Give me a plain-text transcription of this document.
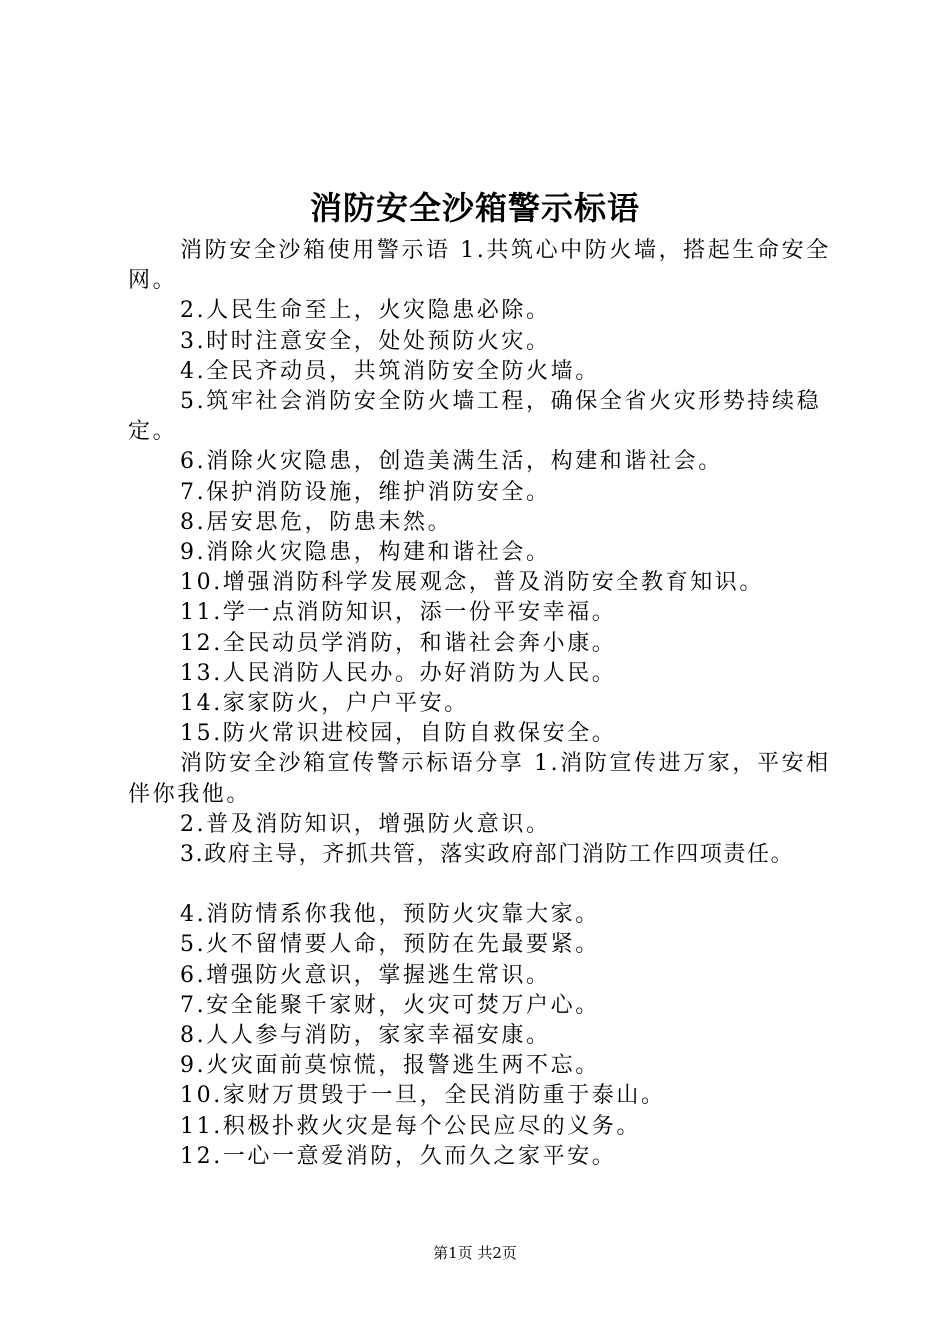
消防安全沙箱警示标语

消防安全沙箱使用警示语 1.共筑心中防火墙，搭起生命安全网。

2.人民生命至上，火灾隐患必除。

3.时时注意安全，处处预防火灾。

4.全民齐动员，共筑消防安全防火墙。

5.筑牢社会消防安全防火墙工程，确保全省火灾形势持续稳定。

6.消除火灾隐患，创造美满生活，构建和谐社会。

7.保护消防设施，维护消防安全。

8.居安思危，防患未然。

9.消除火灾隐患，构建和谐社会。

10.增强消防科学发展观念，普及消防安全教育知识。

11.学一点消防知识，添一份平安幸福。

12.全民动员学消防，和谐社会奔小康。

13.人民消防人民办。办好消防为人民。

14.家家防火，户户平安。

15.防火常识进校园，自防自救保安全。

消防安全沙箱宣传警示标语分享 1.消防宣传进万家，平安相伴你我他。

2.普及消防知识，增强防火意识。

3.政府主导，齐抓共管，落实政府部门消防工作四项责任。

4.消防情系你我他，预防火灾靠大家。

5.火不留情要人命，预防在先最要紧。

6.增强防火意识，掌握逃生常识。

7.安全能聚千家财，火灾可焚万户心。

8.人人参与消防，家家幸福安康。

9.火灾面前莫惊慌，报警逃生两不忘。

10.家财万贯毁于一旦，全民消防重于泰山。

11.积极扑救火灾是每个公民应尽的义务。

12.一心一意爱消防，久而久之家平安。

第1页 共2页
